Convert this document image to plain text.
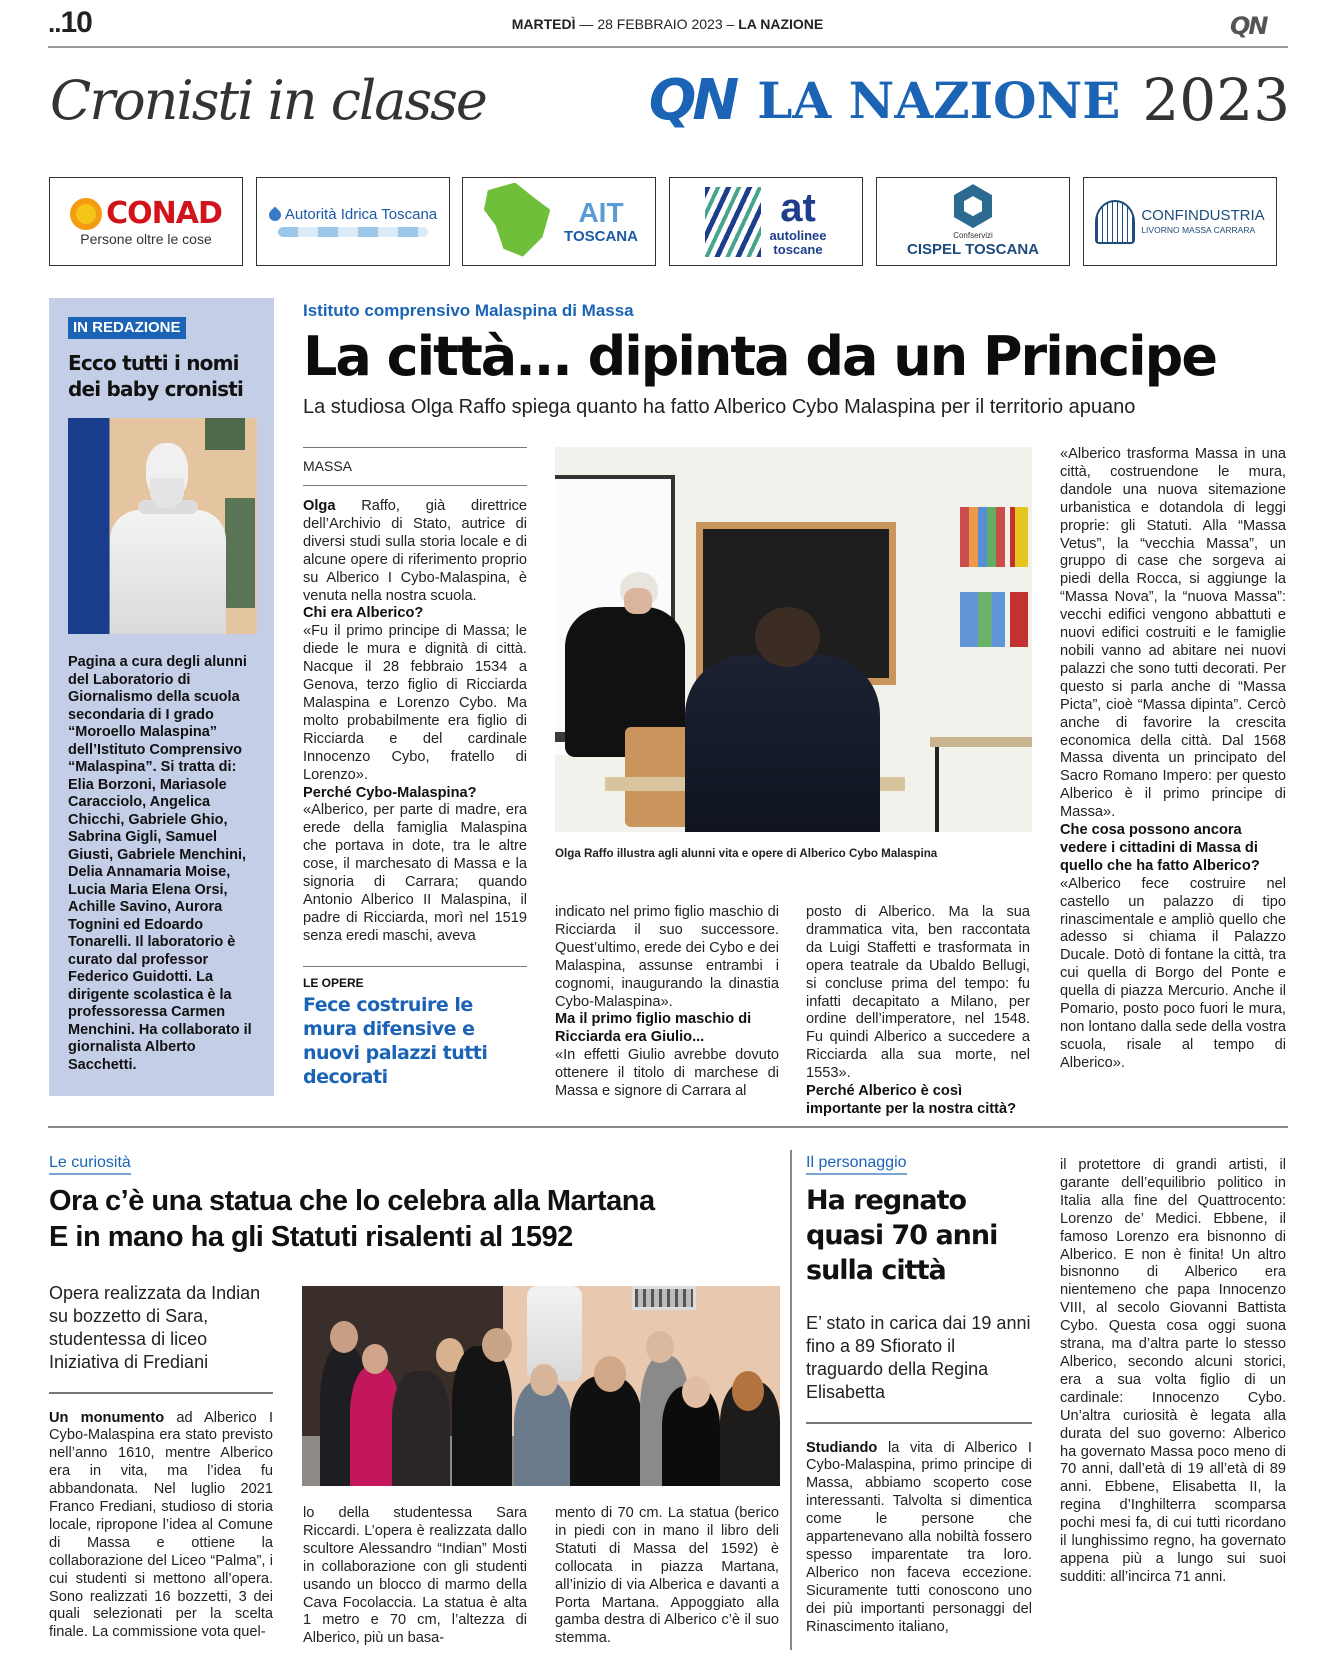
..10	MARTEDÌ — 28 FEBBRAIO 2023 – LA NAZIONE	QN
Cronisti in classe	QN LA NAZIONE 2023
CONAD
Persone oltre le cose
Autorità Idrica Toscana	AIT
TOSCANA
at
autolinee
toscane
Confservizi
CISPEL TOSCANA
CONFINDUSTRIA
LIVORNO MASSA CARRARA
IN REDAZIONE
Ecco tutti i nomi dei baby cronisti
Pagina a cura degli alunni del Laboratorio di Giornalismo della scuola secondaria di I grado “Moroello Malaspina” dell’Istituto Comprensivo “Malaspina”. Si tratta di: Elia Borzoni, Mariasole Caracciolo, Angelica Chicchi, Gabriele Ghio, Sabrina Gigli, Samuel Giusti, Gabriele Menchini, Delia Annamaria Moise, Lucia Maria Elena Orsi, Achille Savino, Aurora Tognini ed Edoardo Tonarelli. Il laboratorio è curato dal professor Federico Guidotti. La dirigente scolastica è la professoressa Carmen Menchini. Ha collaborato il giornalista Alberto Sacchetti.
Istituto comprensivo Malaspina di Massa
La città... dipinta da un Principe
La studiosa Olga Raffo spiega quanto ha fatto Alberico Cybo Malaspina per il territorio apuano
MASSA
Olga Raffo, già direttrice dell’Archivio di Stato, autrice di diversi studi sulla storia locale e di alcune opere di riferimento proprio su Alberico I Cybo-Malaspina, è venuta nella nostra scuola.
Chi era Alberico?
«Fu il primo principe di Massa; le diede le mura e dignità di città. Nacque il 28 febbraio 1534 a Genova, terzo figlio di Ricciarda Malaspina e Lorenzo Cybo. Ma molto probabilmente era figlio di Ricciarda e del cardinale Innocenzo Cybo, fratello di Lorenzo».
Perché Cybo-Malaspina?
«Alberico, per parte di madre, era erede della famiglia Malaspina che portava in dote, tra le altre cose, il marchesato di Massa e la signoria di Carrara; quando Antonio Alberico II Malaspina, il padre di Ricciarda, morì nel 1519 senza eredi maschi, aveva
LE OPERE
Fece costruire le mura difensive e nuovi palazzi tutti decorati
Olga Raffo illustra agli alunni vita e opere di Alberico Cybo Malaspina
indicato nel primo figlio maschio di Ricciarda il suo successore. Quest’ultimo, erede dei Cybo e dei Malaspina, assunse entrambi i cognomi, inaugurando la dinastia Cybo-Malaspina».
Ma il primo figlio maschio di Ricciarda era Giulio...
«In effetti Giulio avrebbe dovuto ottenere il titolo di marchese di Massa e signore di Carrara al
posto di Alberico. Ma la sua drammatica vita, ben raccontata da Luigi Staffetti e trasformata in opera teatrale da Ubaldo Bellugi, si concluse prima del tempo: fu infatti decapitato a Milano, per ordine dell’imperatore, nel 1548. Fu quindi Alberico a succedere a Ricciarda alla sua morte, nel 1553».
Perché Alberico è così importante per la nostra città?
«Alberico trasforma Massa in una città, costruendone le mura, dandole una nuova sitemazione urbanistica e dotandola di leggi proprie: gli Statuti. Alla “Massa Vetus”, la “vecchia Massa”, un gruppo di case che sorgeva ai piedi della Rocca, si aggiunge la “Massa Nova”, la “nuova Massa”: vecchi edifici vengono abbattuti e nuovi edifici costruiti e le famiglie nobili vanno ad abitare nei nuovi palazzi che sono tutti decorati. Per questo si parla anche di “Massa Picta”, cioè “Massa dipinta”. Cercò anche di favorire la crescita economica della città. Dal 1568 Massa diventa un principato del Sacro Romano Impero: per questo Alberico è il primo principe di Massa».
Che cosa possono ancora vedere i cittadini di Massa di quello che ha fatto Alberico?
«Alberico fece costruire nel castello un palazzo di tipo rinascimentale e ampliò quello che adesso si chiama il Palazzo Ducale. Dotò di fontane la città, tra cui quella di Borgo del Ponte e quella di piazza Mercurio. Anche il Pomario, posto poco fuori le mura, non lontano dalla sede della vostra scuola, risale al tempo di Alberico».
Le curiosità
Ora c’è una statua che lo celebra alla Martana
E in mano ha gli Statuti risalenti al 1592
Opera realizzata da Indian su bozzetto di Sara, studentessa di liceo Iniziativa di Frediani
Un monumento ad Alberico I Cybo-Malaspina era stato previsto nell’anno 1610, mentre Alberico era in vita, ma l’idea fu abbandonata. Nel luglio 2021 Franco Frediani, studioso di storia locale, ripropone l’idea al Comune di Massa e ottiene la collaborazione del Liceo “Palma”, i cui studenti si mettono all’opera. Sono realizzati 16 bozzetti, 3 dei quali selezionati per la scelta finale. La commissione vota quel-
lo della studentessa Sara Riccardi. L’opera è realizzata dallo scultore Alessandro “Indian” Mosti in collaborazione con gli studenti usando un blocco di marmo della Cava Focolaccia. La statua è alta 1 metro e 70 cm, l’altezza di Alberico, più un basa-
mento di 70 cm. La statua (berico in piedi con in mano il libro deli Statuti di Massa del 1592) è collocata in piazza Martana, all’inizio di via Alberica e davanti a Porta Martana. Appoggiato alla gamba destra di Alberico c’è il suo stemma.
Il personaggio
Ha regnato quasi 70 anni sulla città
E’ stato in carica dai 19 anni fino a 89 Sfiorato il traguardo della Regina Elisabetta
Studiando la vita di Alberico I Cybo-Malaspina, primo principe di Massa, abbiamo scoperto cose interessanti. Talvolta si dimentica come le persone che appartenevano alla nobiltà fossero spesso imparentate tra loro. Alberico non faceva eccezione. Sicuramente tutti conoscono uno dei più importanti personaggi del Rinascimento italiano,
il protettore di grandi artisti, il garante dell’equilibrio politico in Italia alla fine del Quattrocento: Lorenzo de’ Medici. Ebbene, il famoso Lorenzo era bisnonno di Alberico. E non è finita! Un altro bisnonno di Alberico era nientemeno che papa Innocenzo VIII, al secolo Giovanni Battista Cybo. Questa cosa oggi suona strana, ma d’altra parte lo stesso Alberico, secondo alcuni storici, era a sua volta figlio di un cardinale: Innocenzo Cybo. Un’altra curiosità è legata alla durata del suo governo: Alberico ha governato Massa poco meno di 70 anni, dall’età di 19 all’età di 89 anni. Ebbene, Elisabetta II, la regina d’Inghilterra scomparsa pochi mesi fa, di cui tutti ricordano il lunghissimo regno, ha governato appena più a lungo sui suoi sudditi: all’incirca 71 anni.
